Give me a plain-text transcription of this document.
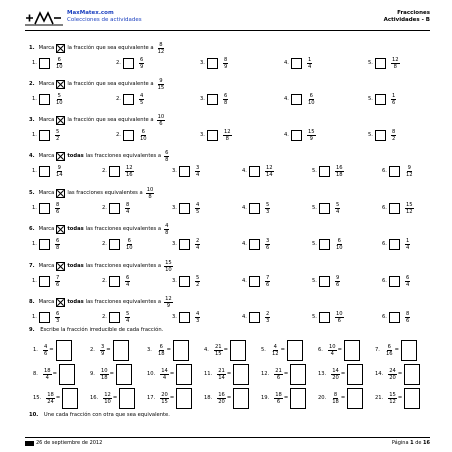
MaxMatex.com
Colecciones de actividades
Fracciones
Actividades - B
1. Marca	la fracción que sea equivalente a $\frac{8}{12}$
1.	$\frac{6}{10}$	2.	$\frac{6}{9}$	3.	$\frac{8}{9}$	4.	$\frac{1}{4}$	5.	$\frac{12}{8}$
2. Marca	la fracción que sea equivalente a $\frac{9}{15}$
1.	$\frac{5}{10}$	2.	$\frac{4}{5}$	3.	$\frac{6}{8}$	4.	$\frac{6}{10}$	5.	$\frac{1}{6}$
3. Marca	la fracción que sea equivalente a $\frac{10}{6}$
1.	$\frac{5}{2}$	2.	$\frac{6}{10}$	3.	$\frac{12}{8}$	4.	$\frac{15}{9}$	5.	$\frac{8}{2}$
4. Marca	todas las fracciones equivalentes a $\frac{6}{8}$
1.	$\frac{9}{14}$	2.	$\frac{12}{16}$	3.	$\frac{3}{4}$	4.	$\frac{12}{14}$	5.	$\frac{16}{18}$	6.	$\frac{9}{12}$
5. Marca	las fracciones equivalentes a $\frac{10}{8}$
1.	$\frac{8}{6}$	2.	$\frac{8}{4}$	3.	$\frac{4}{5}$	4.	$\frac{5}{3}$	5.	$\frac{5}{4}$	6.	$\frac{15}{12}$
6. Marca	todas las fracciones equivalentes a $\frac{4}{8}$
1.	$\frac{6}{8}$	2.	$\frac{6}{10}$	3.	$\frac{2}{4}$	4.	$\frac{3}{6}$	5.	$\frac{6}{10}$	6.	$\frac{1}{4}$
7. Marca	todas las fracciones equivalentes a $\frac{15}{10}$
1.	$\frac{7}{6}$	2.	$\frac{6}{4}$	3.	$\frac{5}{2}$	4.	$\frac{7}{6}$	5.	$\frac{9}{6}$	6.	$\frac{6}{4}$
8. Marca	todas las fracciones equivalentes a $\frac{12}{9}$
1.	$\frac{6}{3}$	2.	$\frac{5}{4}$	3.	$\frac{4}{3}$	4.	$\frac{2}{3}$	5.	$\frac{10}{6}$	6.	$\frac{8}{6}$
9. Escribe la fracción irreducible de cada fracción.
1. $\frac{4}{6}$ =	2. $\frac{3}{9}$ =	3. $\frac{6}{18}$ =	4. $\frac{21}{15}$ =	5. $\frac{4}{12}$ =	6. $\frac{10}{4}$ =	7. $\frac{6}{16}$ =
8. $\frac{18}{4}$ =	9. $\frac{10}{18}$ =	10. $\frac{14}{4}$ =	11. $\frac{21}{14}$ =	12. $\frac{21}{6}$ =	13. $\frac{14}{20}$ =	14. $\frac{24}{20}$ =
15. $\frac{18}{24}$ =	16. $\frac{12}{10}$ =	17. $\frac{20}{15}$ =	18. $\frac{16}{20}$ =	19. $\frac{18}{6}$ =	20. $\frac{8}{18}$ =	21. $\frac{15}{12}$ =
10. Une cada fracción con otra que sea equivalente.
26 de septiembre de 2012	Página 1 de 16
